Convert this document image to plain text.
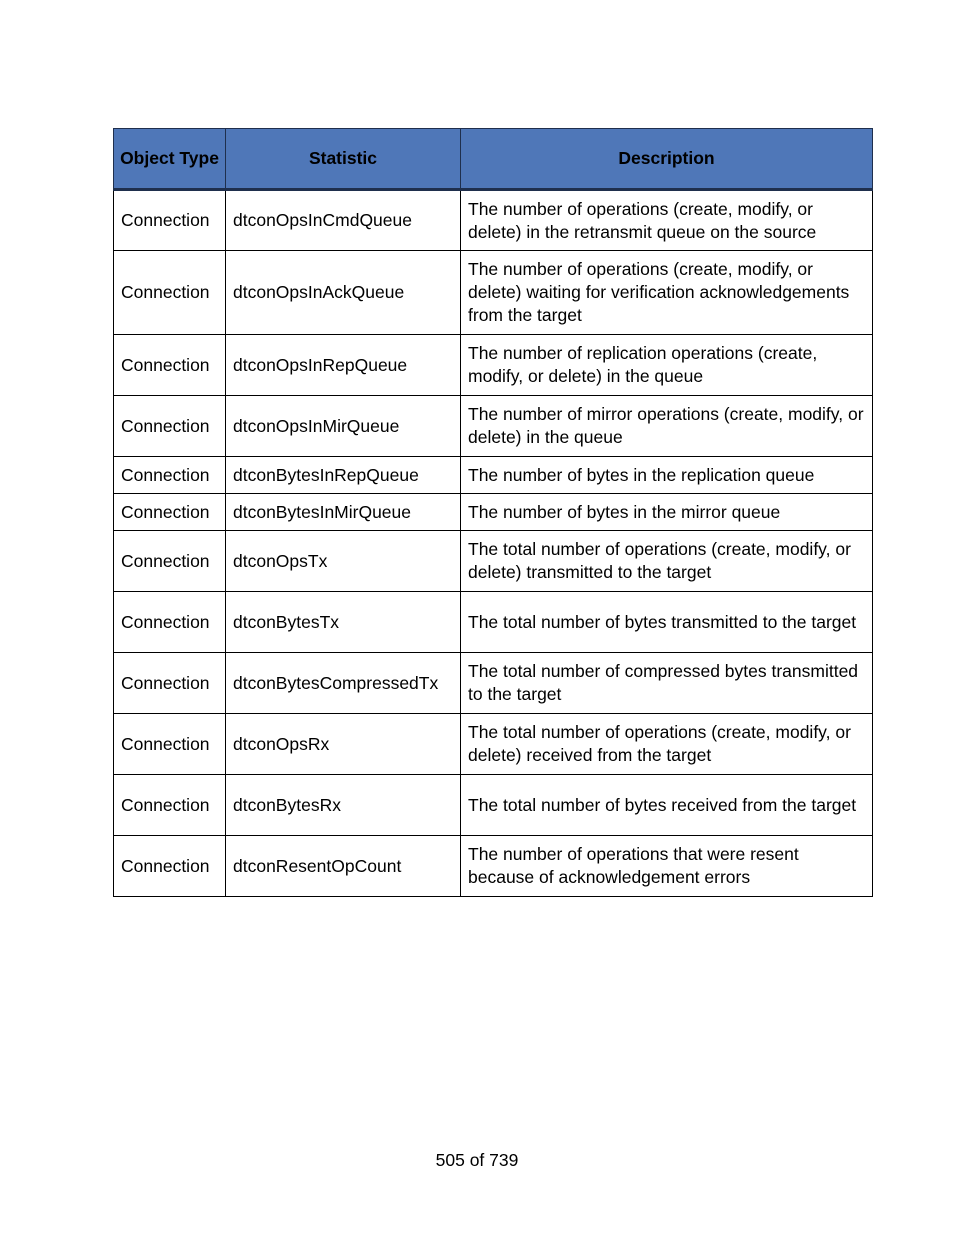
Object Type	Statistic	Description
Connection	dtconOpsInCmdQueue	The number of operations (create, modify, or delete) in the retransmit queue on the source
Connection	dtconOpsInAckQueue	The number of operations (create, modify, or delete) waiting for verification acknowledgements from the target
Connection	dtconOpsInRepQueue	The number of replication operations (create, modify, or delete) in the queue
Connection	dtconOpsInMirQueue	The number of mirror operations (create, modify, or delete) in the queue
Connection	dtconBytesInRepQueue	The number of bytes in the replication queue
Connection	dtconBytesInMirQueue	The number of bytes in the mirror queue
Connection	dtconOpsTx	The total number of operations (create, modify, or delete) transmitted to the target
Connection	dtconBytesTx	The total number of bytes transmitted to the target
Connection	dtconBytesCompressedTx	The total number of compressed bytes transmitted to the target
Connection	dtconOpsRx	The total number of operations (create, modify, or delete) received from the target
Connection	dtconBytesRx	The total number of bytes received from the target
Connection	dtconResentOpCount	The number of operations that were resent because of acknowledgement errors
505 of 739
